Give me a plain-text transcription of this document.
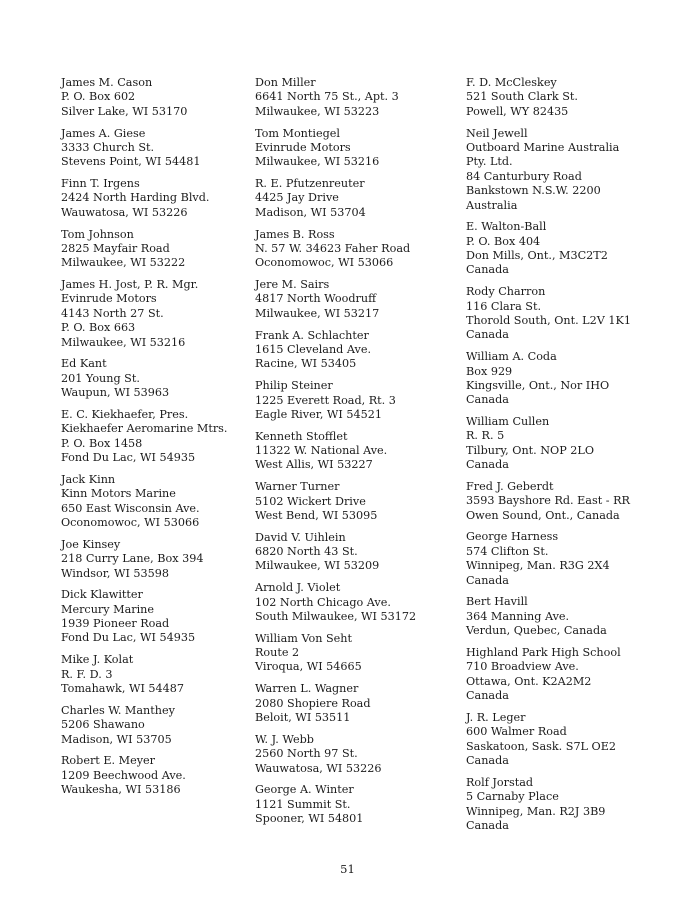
James M. Cason
P. O. Box 602
Silver Lake, WI 53170
James A. Giese
3333 Church St.
Stevens Point, WI 54481
Finn T. Irgens
2424 North Harding Blvd.
Wauwatosa, WI 53226
Tom Johnson
2825 Mayfair Road
Milwaukee, WI 53222
James H. Jost, P. R. Mgr.
Evinrude Motors
4143 North 27 St.
P. O. Box 663
Milwaukee, WI 53216
Ed Kant
201 Young St.
Waupun, WI 53963
E. C. Kiekhaefer, Pres.
Kiekhaefer Aeromarine Mtrs.
P. O. Box 1458
Fond Du Lac, WI 54935
Jack Kinn
Kinn Motors Marine
650 East Wisconsin Ave.
Oconomowoc, WI 53066
Joe Kinsey
218 Curry Lane, Box 394
Windsor, WI 53598
Dick Klawitter
Mercury Marine
1939 Pioneer Road
Fond Du Lac, WI 54935
Mike J. Kolat
R. F. D. 3
Tomahawk, WI 54487
Charles W. Manthey
5206 Shawano
Madison, WI 53705
Robert E. Meyer
1209 Beechwood Ave.
Waukesha, WI 53186
Don Miller
6641 North 75 St., Apt. 3
Milwaukee, WI 53223
Tom Montiegel
Evinrude Motors
Milwaukee, WI 53216
R. E. Pfutzenreuter
4425 Jay Drive
Madison, WI 53704
James B. Ross
N. 57 W. 34623 Faher Road
Oconomowoc, WI 53066
Jere M. Sairs
4817 North Woodruff
Milwaukee, WI 53217
Frank A. Schlachter
1615 Cleveland Ave.
Racine, WI 53405
Philip Steiner
1225 Everett Road, Rt. 3
Eagle River, WI 54521
Kenneth Stofflet
11322 W. National Ave.
West Allis, WI 53227
Warner Turner
5102 Wickert Drive
West Bend, WI 53095
David V. Uihlein
6820 North 43 St.
Milwaukee, WI 53209
Arnold J. Violet
102 North Chicago Ave.
South Milwaukee, WI 53172
William Von Seht
Route 2
Viroqua, WI 54665
Warren L. Wagner
2080 Shopiere Road
Beloit, WI 53511
W. J. Webb
2560 North 97 St.
Wauwatosa, WI 53226
George A. Winter
1121 Summit St.
Spooner, WI 54801
F. D. McCleskey
521 South Clark St.
Powell, WY 82435
Neil Jewell
Outboard Marine Australia
Pty. Ltd.
84 Canturbury Road
Bankstown N.S.W. 2200
Australia
E. Walton-Ball
P. O. Box 404
Don Mills, Ont., M3C2T2
Canada
Rody Charron
116 Clara St.
Thorold South, Ont. L2V 1K1
Canada
William A. Coda
Box 929
Kingsville, Ont., Nor IHO
Canada
William Cullen
R. R. 5
Tilbury, Ont. NOP 2LO
Canada
Fred J. Geberdt
3593 Bayshore Rd. East - RR
Owen Sound, Ont., Canada
George Harness
574 Clifton St.
Winnipeg, Man. R3G 2X4
Canada
Bert Havill
364 Manning Ave.
Verdun, Quebec, Canada
Highland Park High School
710 Broadview Ave.
Ottawa, Ont. K2A2M2
Canada
J. R. Leger
600 Walmer Road
Saskatoon, Sask. S7L OE2
Canada
Rolf Jorstad
5 Carnaby Place
Winnipeg, Man. R2J 3B9
Canada
51
